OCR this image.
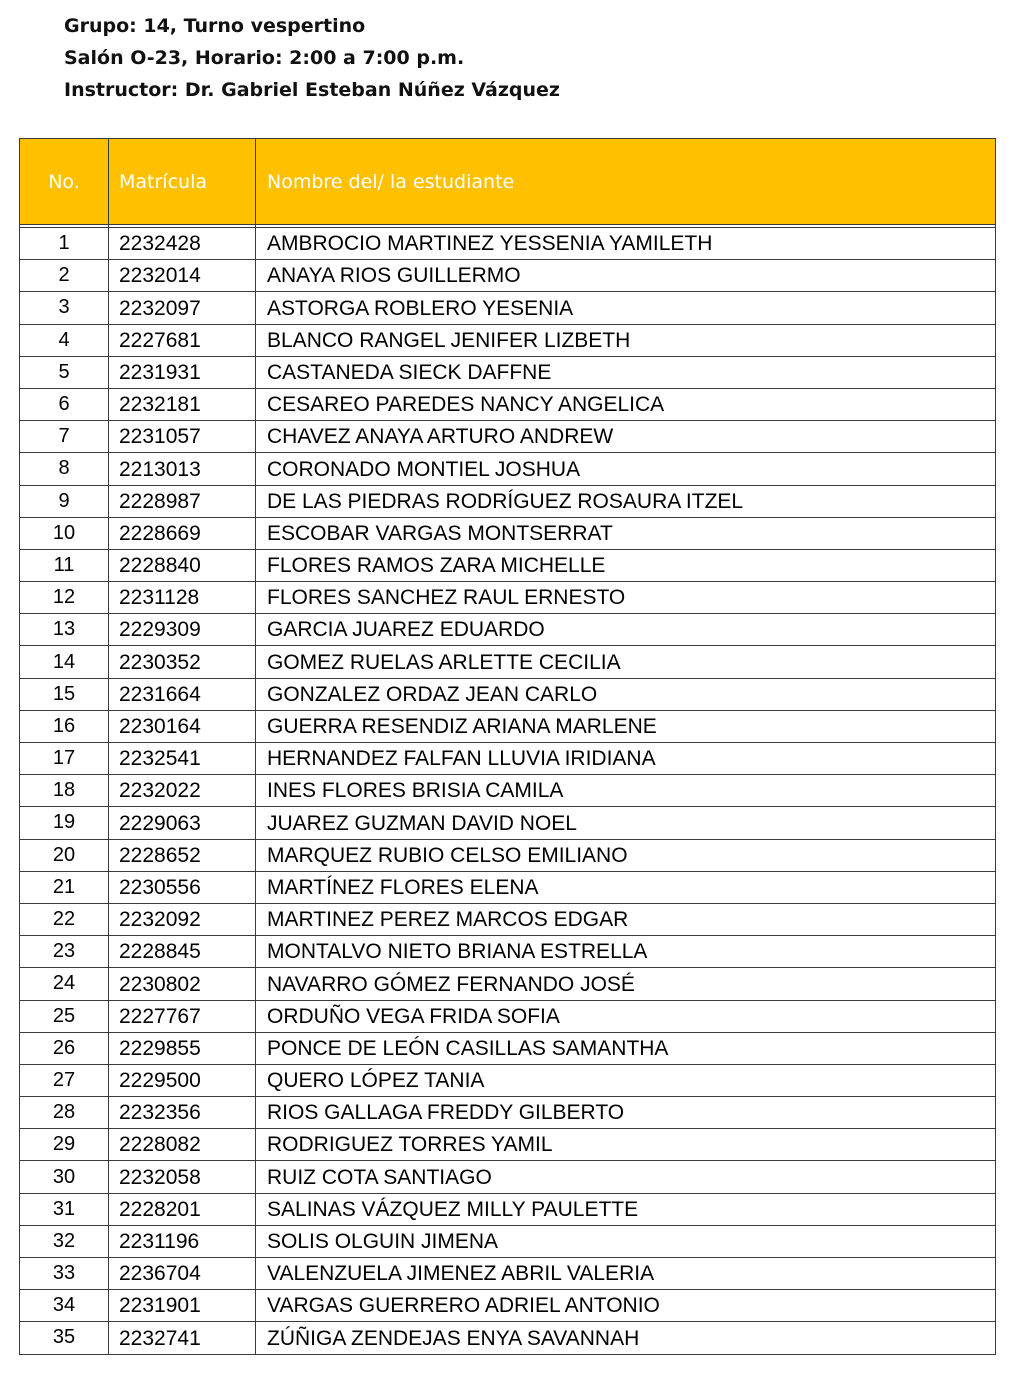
Grupo: 14, Turno vespertino
Salón O-23, Horario: 2:00 a 7:00 p.m.
Instructor: Dr. Gabriel Esteban Núñez Vázquez
No.	Matrícula	Nombre del/ la estudiante

1	2232428	AMBROCIO MARTINEZ YESSENIA YAMILETH
2	2232014	ANAYA RIOS GUILLERMO
3	2232097	ASTORGA ROBLERO YESENIA
4	2227681	BLANCO RANGEL JENIFER LIZBETH
5	2231931	CASTANEDA SIECK DAFFNE
6	2232181	CESAREO PAREDES NANCY ANGELICA
7	2231057	CHAVEZ ANAYA ARTURO ANDREW
8	2213013	CORONADO MONTIEL JOSHUA
9	2228987	DE LAS PIEDRAS RODRÍGUEZ ROSAURA ITZEL
10	2228669	ESCOBAR VARGAS MONTSERRAT
11	2228840	FLORES RAMOS ZARA MICHELLE
12	2231128	FLORES SANCHEZ RAUL ERNESTO
13	2229309	GARCIA JUAREZ EDUARDO
14	2230352	GOMEZ RUELAS ARLETTE CECILIA
15	2231664	GONZALEZ ORDAZ JEAN CARLO
16	2230164	GUERRA RESENDIZ ARIANA MARLENE
17	2232541	HERNANDEZ FALFAN LLUVIA IRIDIANA
18	2232022	INES FLORES BRISIA CAMILA
19	2229063	JUAREZ GUZMAN DAVID NOEL
20	2228652	MARQUEZ RUBIO CELSO EMILIANO
21	2230556	MARTÍNEZ FLORES ELENA
22	2232092	MARTINEZ PEREZ MARCOS EDGAR
23	2228845	MONTALVO NIETO BRIANA ESTRELLA
24	2230802	NAVARRO GÓMEZ FERNANDO JOSÉ
25	2227767	ORDUÑO VEGA FRIDA SOFIA
26	2229855	PONCE DE LEÓN CASILLAS SAMANTHA
27	2229500	QUERO LÓPEZ TANIA
28	2232356	RIOS GALLAGA FREDDY GILBERTO
29	2228082	RODRIGUEZ TORRES YAMIL
30	2232058	RUIZ COTA SANTIAGO
31	2228201	SALINAS VÁZQUEZ MILLY PAULETTE
32	2231196	SOLIS OLGUIN JIMENA
33	2236704	VALENZUELA JIMENEZ ABRIL VALERIA
34	2231901	VARGAS GUERRERO ADRIEL ANTONIO
35	2232741	ZÚÑIGA ZENDEJAS ENYA SAVANNAH
